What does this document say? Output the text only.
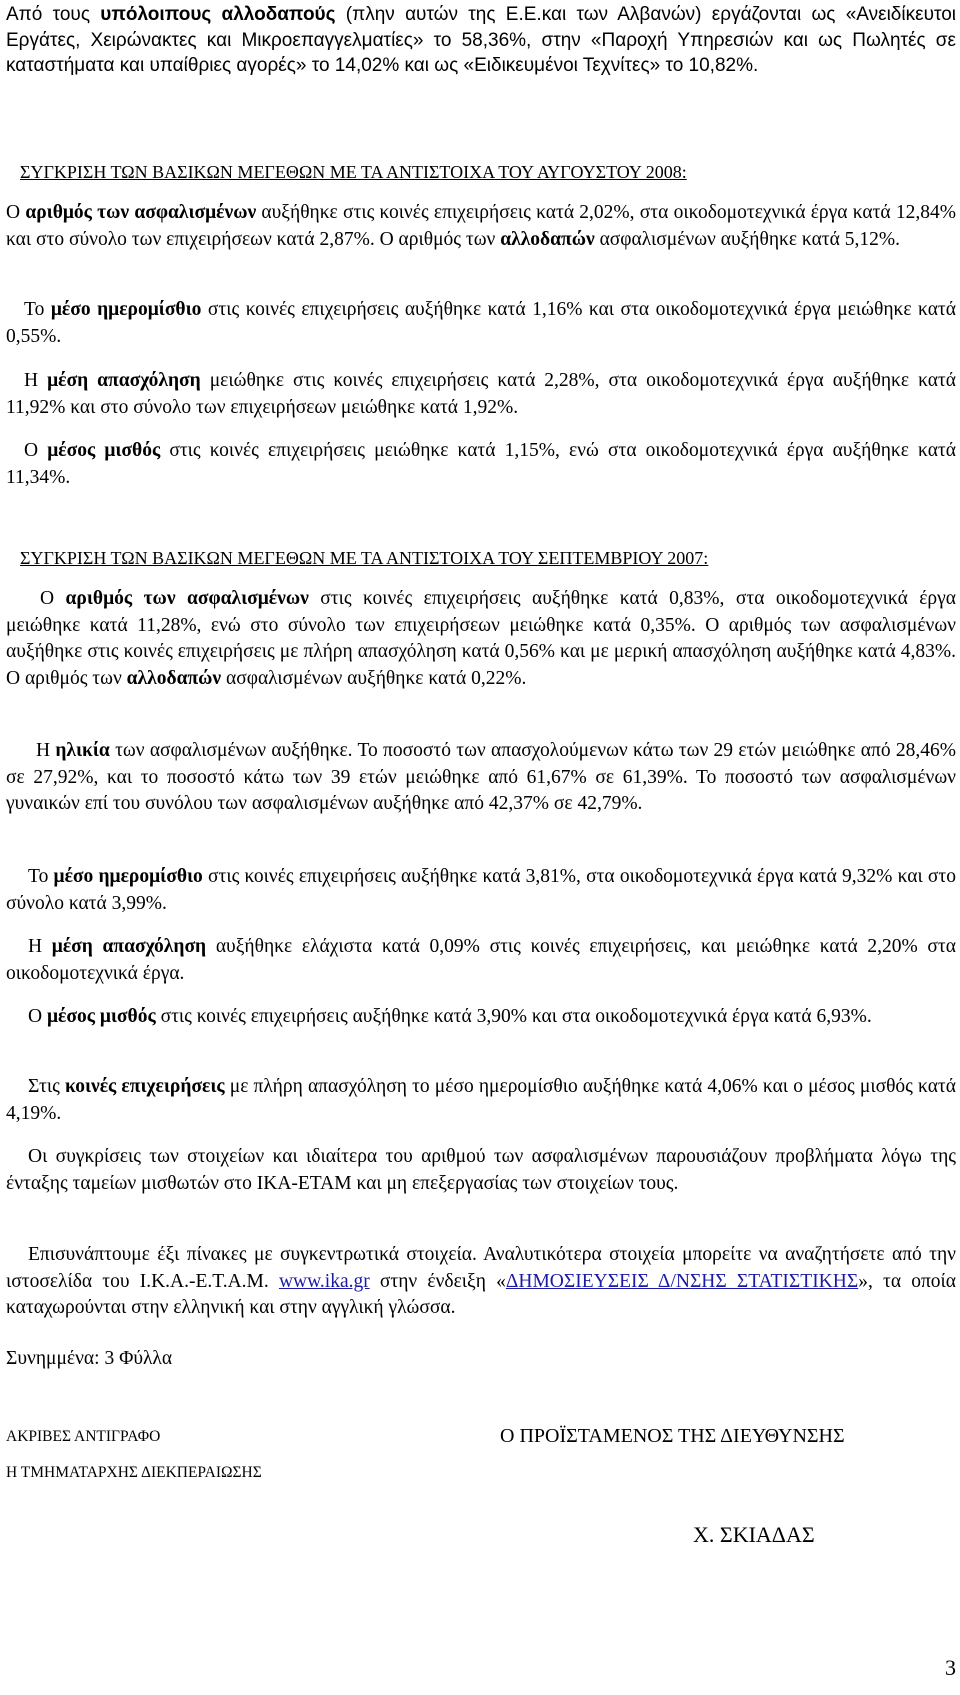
Από τους υπόλοιπους αλλοδαπούς (πλην αυτών της Ε.Ε.και των Αλβανών) εργάζονται ως «Ανειδίκευτοι Εργάτες, Χειρώνακτες και Μικροεπαγγελματίες» το 58,36%, στην «Παροχή Υπηρεσιών και ως Πωλητές σε καταστήματα και υπαίθριες αγορές» το 14,02% και ως «Ειδικευμένοι Τεχνίτες» το 10,82%.

ΣΥΓΚΡΙΣΗ ΤΩΝ ΒΑΣΙΚΩΝ ΜΕΓΕΘΩΝ ΜΕ ΤΑ ΑΝΤΙΣΤΟΙΧΑ ΤΟΥ ΑΥΓΟΥΣΤΟΥ 2008:

Ο αριθμός των ασφαλισμένων αυξήθηκε στις κοινές επιχειρήσεις κατά 2,02%, στα οικοδομοτεχνικά έργα κατά 12,84% και στο σύνολο των επιχειρήσεων κατά 2,87%. Ο αριθμός των αλλοδαπών ασφαλισμένων αυξήθηκε κατά 5,12%.

Το μέσο ημερομίσθιο στις κοινές επιχειρήσεις αυξήθηκε κατά 1,16% και στα οικοδομοτεχνικά έργα μειώθηκε κατά 0,55%.

Η μέση απασχόληση μειώθηκε στις κοινές επιχειρήσεις κατά 2,28%, στα οικοδομοτεχνικά έργα αυξήθηκε κατά 11,92% και στο σύνολο των επιχειρήσεων μειώθηκε κατά 1,92%.

Ο μέσος μισθός στις κοινές επιχειρήσεις μειώθηκε κατά 1,15%, ενώ στα οικοδομοτεχνικά έργα αυξήθηκε κατά 11,34%.

ΣΥΓΚΡΙΣΗ ΤΩΝ ΒΑΣΙΚΩΝ ΜΕΓΕΘΩΝ ΜΕ ΤΑ ΑΝΤΙΣΤΟΙΧΑ ΤΟΥ ΣΕΠΤΕΜΒΡΙΟΥ 2007:

Ο αριθμός των ασφαλισμένων στις κοινές επιχειρήσεις αυξήθηκε κατά 0,83%, στα οικοδομοτεχνικά έργα μειώθηκε κατά 11,28%, ενώ στο σύνολο των επιχειρήσεων μειώθηκε κατά 0,35%. Ο αριθμός των ασφαλισμένων αυξήθηκε στις κοινές επιχειρήσεις με πλήρη απασχόληση κατά 0,56% και με μερική απασχόληση αυξήθηκε κατά 4,83%. Ο αριθμός των αλλοδαπών ασφαλισμένων αυξήθηκε κατά 0,22%.

Η ηλικία των ασφαλισμένων αυξήθηκε. Το ποσοστό των απασχολούμενων κάτω των 29 ετών μειώθηκε από 28,46% σε 27,92%, και το ποσοστό κάτω των 39 ετών μειώθηκε από 61,67% σε 61,39%. Το ποσοστό των ασφαλισμένων γυναικών επί του συνόλου των ασφαλισμένων αυξήθηκε από 42,37% σε 42,79%.

Το μέσο ημερομίσθιο στις κοινές επιχειρήσεις αυξήθηκε κατά 3,81%, στα οικοδομοτεχνικά έργα κατά 9,32% και στο σύνολο κατά 3,99%.

Η μέση απασχόληση αυξήθηκε ελάχιστα κατά 0,09% στις κοινές επιχειρήσεις, και μειώθηκε κατά 2,20% στα οικοδομοτεχνικά έργα.

Ο μέσος μισθός στις κοινές επιχειρήσεις αυξήθηκε κατά 3,90% και στα οικοδομοτεχνικά έργα κατά 6,93%.

Στις κοινές επιχειρήσεις με πλήρη απασχόληση το μέσο ημερομίσθιο αυξήθηκε κατά 4,06% και ο μέσος μισθός κατά 4,19%.

Οι συγκρίσεις των στοιχείων και ιδιαίτερα του αριθμού των ασφαλισμένων παρουσιάζουν προβλήματα λόγω της ένταξης ταμείων μισθωτών στο ΙΚΑ-ΕΤΑΜ και μη επεξεργασίας των στοιχείων τους.

Επισυνάπτουμε έξι πίνακες με συγκεντρωτικά στοιχεία. Αναλυτικότερα στοιχεία μπορείτε να αναζητήσετε από την ιστοσελίδα του Ι.Κ.Α.-Ε.Τ.Α.Μ. www.ika.gr στην ένδειξη «ΔΗΜΟΣΙΕΥΣΕΙΣ Δ/ΝΣΗΣ ΣΤΑΤΙΣΤΙΚΗΣ», τα οποία καταχωρούνται στην ελληνική και στην αγγλική γλώσσα.

Συνημμένα: 3 Φύλλα

ΑΚΡΙΒΕΣ ΑΝΤΙΓΡΑΦΟ

Η ΤΜΗΜΑΤΑΡΧΗΣ ΔΙΕΚΠΕΡΑΙΩΣΗΣ

Ο ΠΡΟΪΣΤΑΜΕΝΟΣ ΤΗΣ ΔΙΕΥΘΥΝΣΗΣ

Χ. ΣΚΙΑΔΑΣ

3
